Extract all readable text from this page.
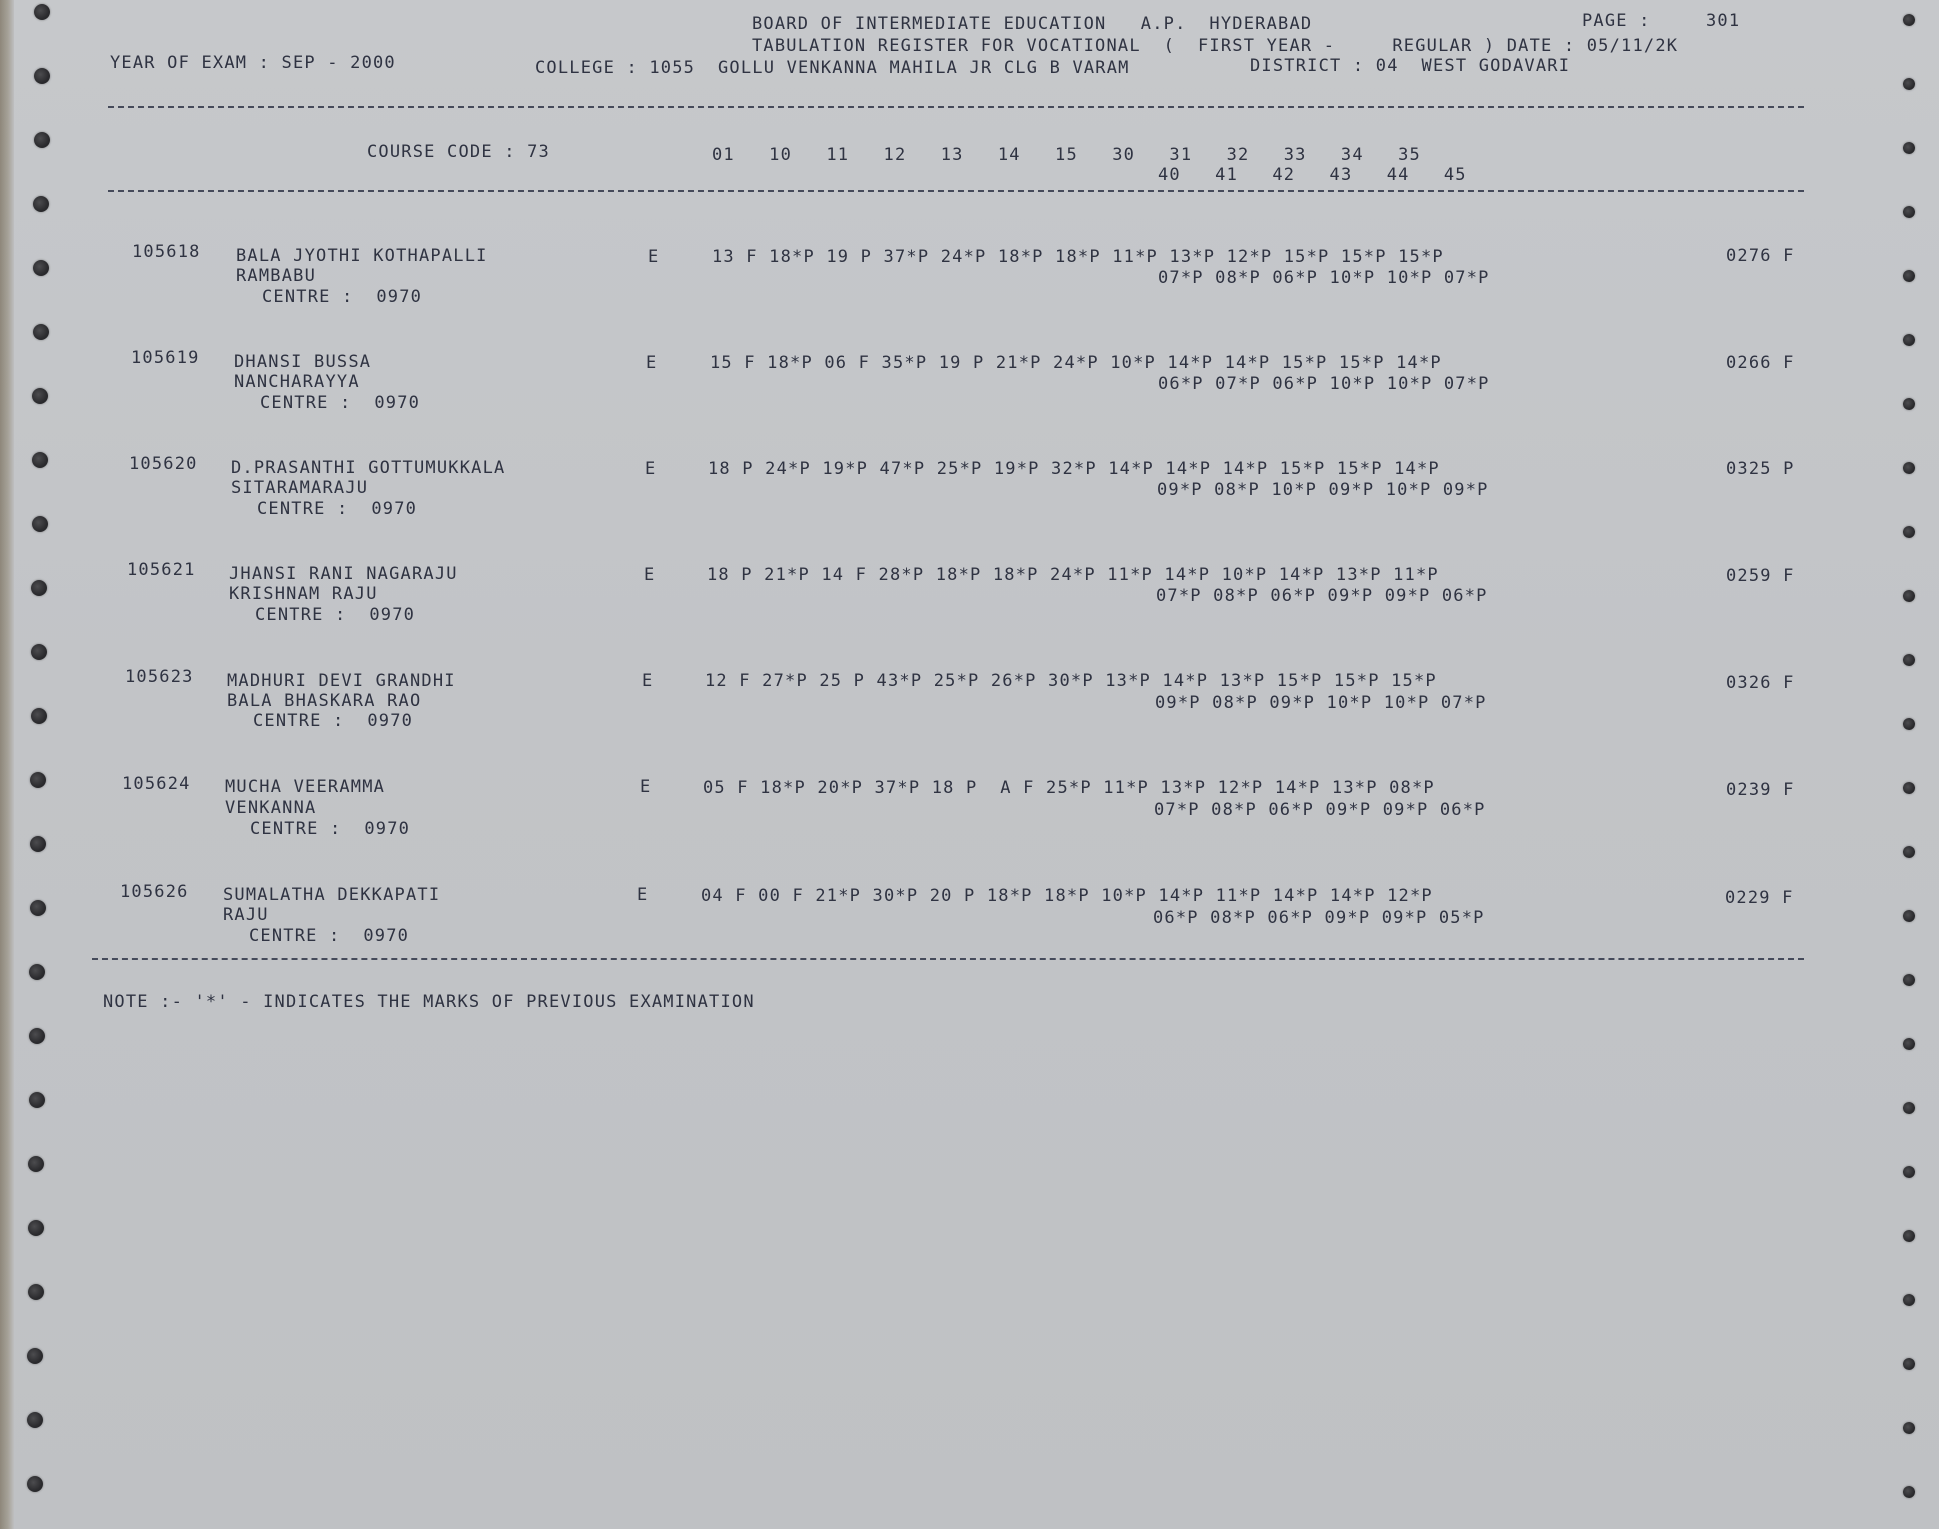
BOARD OF INTERMEDIATE EDUCATION   A.P.  HYDERABAD	PAGE :	301
TABULATION REGISTER FOR VOCATIONAL  (  FIRST YEAR -     REGULAR ) DATE : 05/11/2K
YEAR OF EXAM : SEP - 2000	COLLEGE : 1055  GOLLU VENKANNA MAHILA JR CLG B VARAM	DISTRICT : 04  WEST GODAVARI
COURSE CODE : 73	01   10   11   12   13   14   15   30   31   32   33   34   35
40   41   42   43   44   45
105618 BALA JYOTHI KOTHAPALLI
RAMBABU
CENTRE :  0970
E	13 F 18*P 19 P 37*P 24*P 18*P 18*P 11*P 13*P 12*P 15*P 15*P 15*P
07*P 08*P 06*P 10*P 10*P 07*P
0276 F
105619 DHANSI BUSSA
NANCHARAYYA
CENTRE :  0970
E	15 F 18*P 06 F 35*P 19 P 21*P 24*P 10*P 14*P 14*P 15*P 15*P 14*P
06*P 07*P 06*P 10*P 10*P 07*P
0266 F
105620 D.PRASANTHI GOTTUMUKKALA
SITARAMARAJU
CENTRE :  0970
E	18 P 24*P 19*P 47*P 25*P 19*P 32*P 14*P 14*P 14*P 15*P 15*P 14*P
09*P 08*P 10*P 09*P 10*P 09*P
0325 P
105621 JHANSI RANI NAGARAJU
KRISHNAM RAJU
CENTRE :  0970
E	18 P 21*P 14 F 28*P 18*P 18*P 24*P 11*P 14*P 10*P 14*P 13*P 11*P
07*P 08*P 06*P 09*P 09*P 06*P
0259 F
105623 MADHURI DEVI GRANDHI
BALA BHASKARA RAO
CENTRE :  0970
E	12 F 27*P 25 P 43*P 25*P 26*P 30*P 13*P 14*P 13*P 15*P 15*P 15*P
09*P 08*P 09*P 10*P 10*P 07*P
0326 F
105624 MUCHA VEERAMMA
VENKANNA
CENTRE :  0970
E	05 F 18*P 20*P 37*P 18 P  A F 25*P 11*P 13*P 12*P 14*P 13*P 08*P
07*P 08*P 06*P 09*P 09*P 06*P
0239 F
105626 SUMALATHA DEKKAPATI
RAJU
CENTRE :  0970
E	04 F 00 F 21*P 30*P 20 P 18*P 18*P 10*P 14*P 11*P 14*P 14*P 12*P
06*P 08*P 06*P 09*P 09*P 05*P
0229 F
NOTE :- '*' - INDICATES THE MARKS OF PREVIOUS EXAMINATION
